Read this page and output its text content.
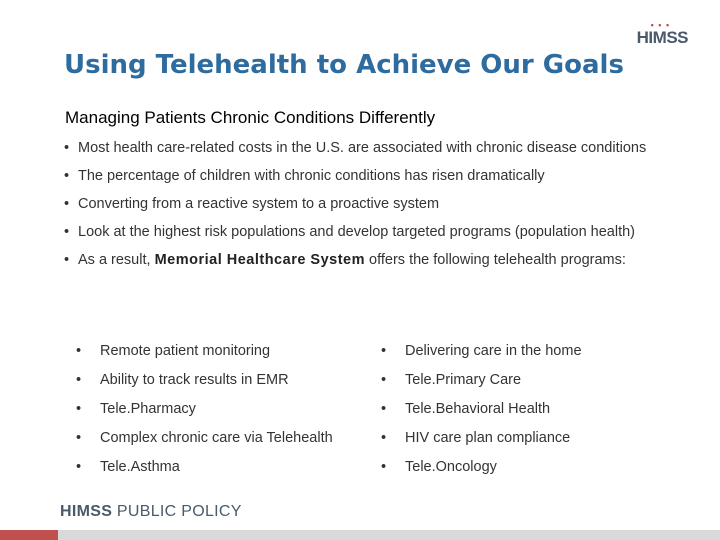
• • •
HIMSS
Using Telehealth to Achieve Our Goals
Managing Patients Chronic Conditions Differently
• Most health care-related costs in the U.S. are associated with chronic disease conditions
• The percentage of children with chronic conditions has risen dramatically
• Converting from a reactive system to a proactive system
• Look at the highest risk populations and develop targeted programs (population health)
• As a result, Memorial Healthcare System offers the following telehealth programs:
• Remote patient monitoring	• Delivering care in the home
• Ability to track results in EMR	• Tele.Primary Care
• Tele.Pharmacy	• Tele.Behavioral Health
• Complex chronic care via Telehealth	• HIV care plan compliance
• Tele.Asthma	• Tele.Oncology
HIMSS PUBLIC POLICY
